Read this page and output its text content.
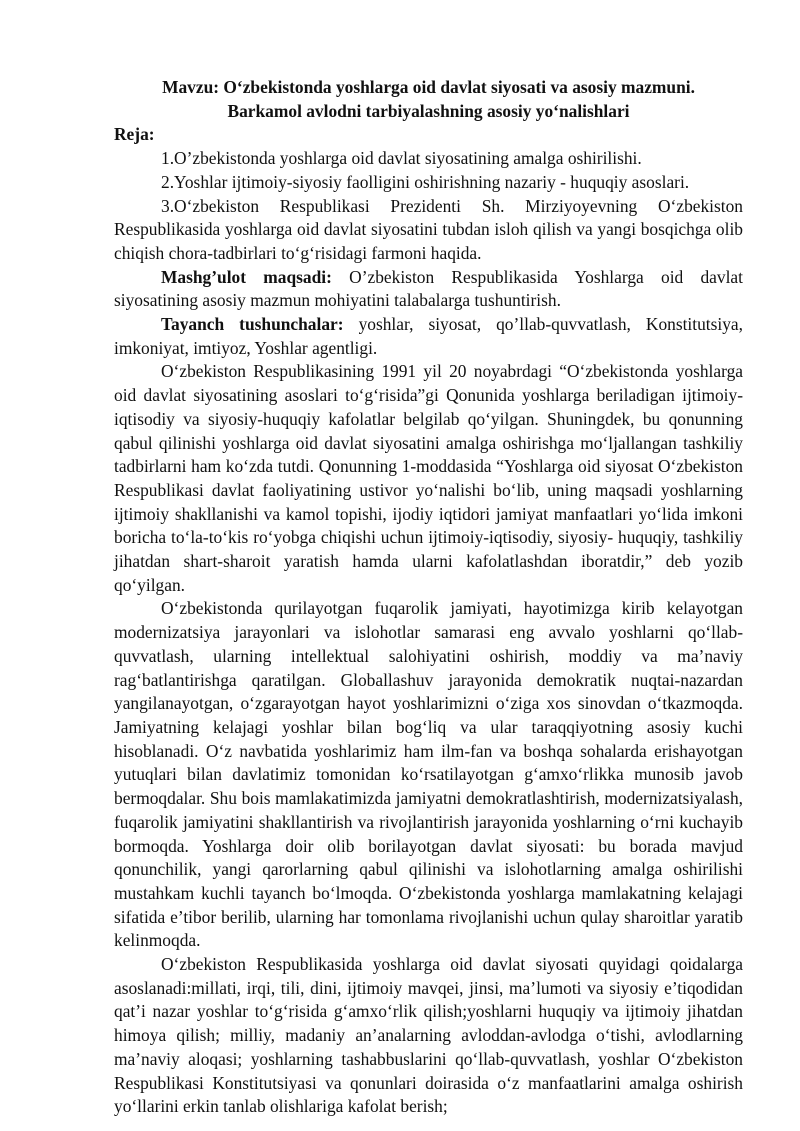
Mavzu: O‘zbekistonda yoshlarga oid davlat siyosati va asosiy mazmuni.
Barkamol avlodni tarbiyalashning asosiy yo‘nalishlari
Reja:
1.O’zbekistonda yoshlarga oid davlat siyosatining amalga oshirilishi.
2.Yoshlar ijtimoiy-siyosiy faolligini oshirishning nazariy - huquqiy asoslari.
3.O‘zbekiston Respublikasi Prezidenti Sh. Mirziyoyevning O‘zbekiston Respublikasida yoshlarga oid davlat siyosatini tubdan isloh qilish va yangi bosqichga olib chiqish chora-tadbirlari to‘g‘risidagi farmoni haqida.

Mashg’ulot maqsadi: O’zbekiston Respublikasida Yoshlarga oid davlat siyosatining asosiy mazmun mohiyatini talabalarga tushuntirish.

Tayanch tushunchalar: yoshlar, siyosat, qo’llab-quvvatlash, Konstitutsiya, imkoniyat, imtiyoz, Yoshlar agentligi.

O‘zbekiston Respublikasining 1991 yil 20 noyabrdagi “O‘zbekistonda yoshlarga oid davlat siyosatining asoslari to‘g‘risida”gi Qonunida yoshlarga beriladigan ijtimoiy- iqtisodiy va siyosiy-huquqiy kafolatlar belgilab qo‘yilgan. Shuningdek, bu qonunning qabul qilinishi yoshlarga oid davlat siyosatini amalga oshirishga mo‘ljallangan tashkiliy tadbirlarni ham ko‘zda tutdi. Qonunning 1-moddasida “Yoshlarga oid siyosat O‘zbekiston Respublikasi davlat faoliyatining ustivor yo‘nalishi bo‘lib, uning maqsadi yoshlarning ijtimoiy shakllanishi va kamol topishi, ijodiy iqtidori jamiyat manfaatlari yo‘lida imkoni boricha to‘la-to‘kis ro‘yobga chiqishi uchun ijtimoiy-iqtisodiy, siyosiy- huquqiy, tashkiliy jihatdan shart-sharoit yaratish hamda ularni kafolatlashdan iboratdir,” deb yozib qo‘yilgan.

O‘zbekistonda qurilayotgan fuqarolik jamiyati, hayotimizga kirib kelayotgan modernizatsiya jarayonlari va islohotlar samarasi eng avvalo yoshlarni qo‘llab-quvvatlash, ularning intellektual salohiyatini oshirish, moddiy va ma’naviy rag‘batlantirishga qaratilgan. Globallashuv jarayonida demokratik nuqtai-nazardan yangilanayotgan, o‘zgarayotgan hayot yoshlarimizni o‘ziga xos sinovdan o‘tkazmoqda. Jamiyatning kelajagi yoshlar bilan bog‘liq va ular taraqqiyotning asosiy kuchi hisoblanadi. O‘z navbatida yoshlarimiz ham ilm-fan va boshqa sohalarda erishayotgan yutuqlari bilan davlatimiz tomonidan ko‘rsatilayotgan g‘amxo‘rlikka munosib javob bermoqdalar. Shu bois mamlakatimizda jamiyatni demokratlashtirish, modernizatsiyalash, fuqarolik jamiyatini shakllantirish va rivojlantirish jarayonida yoshlarning o‘rni kuchayib bormoqda. Yoshlarga doir olib borilayotgan davlat siyosati: bu borada mavjud qonunchilik, yangi qarorlarning qabul qilinishi va islohotlarning amalga oshirilishi mustahkam kuchli tayanch bo‘lmoqda. O‘zbekistonda yoshlarga mamlakatning kelajagi sifatida e’tibor berilib, ularning har tomonlama rivojlanishi uchun qulay sharoitlar yaratib kelinmoqda.

O‘zbekiston Respublikasida yoshlarga oid davlat siyosati quyidagi qoidalarga asoslanadi:millati, irqi, tili, dini, ijtimoiy mavqei, jinsi, ma’lumoti va siyosiy e’tiqodidan qat’i nazar yoshlar to‘g‘risida g‘amxo‘rlik qilish;yoshlarni huquqiy va ijtimoiy jihatdan himoya qilish; milliy, madaniy an’analarning avloddan-avlodga o‘tishi, avlodlarning ma’naviy aloqasi; yoshlarning tashabbuslarini qo‘llab-quvvatlash, yoshlar O‘zbekiston Respublikasi Konstitutsiyasi va qonunlari doirasida o‘z manfaatlarini amalga oshirish yo‘llarini erkin tanlab olishlariga kafolat berish;
